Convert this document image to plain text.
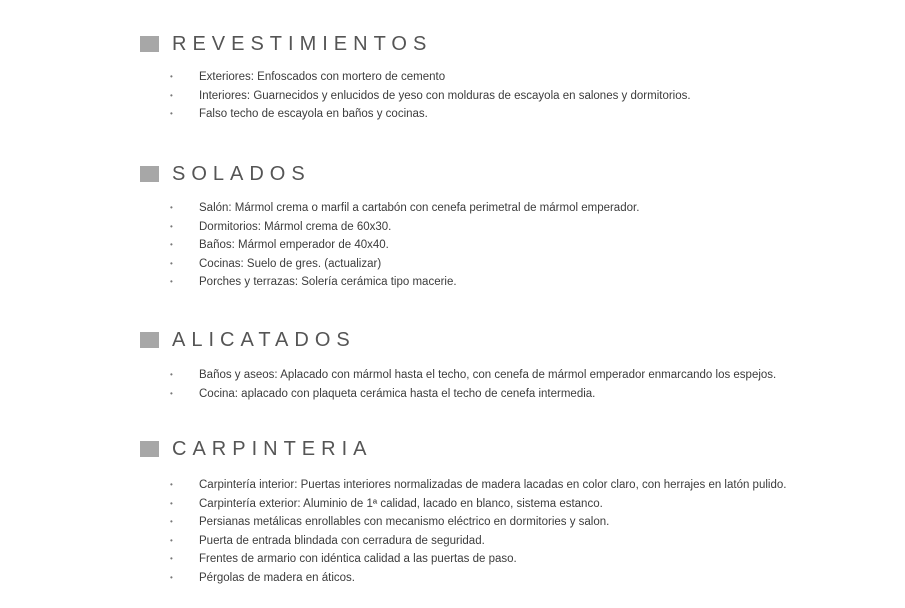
REVESTIMIENTOS
• Exteriores: Enfoscados con mortero de cemento
• Interiores: Guarnecidos y enlucidos de yeso con molduras de escayola en salones y dormitorios.
• Falso techo de escayola en baños y cocinas.
SOLADOS
• Salón: Mármol crema o marfil a cartabón con cenefa perimetral de mármol emperador.
• Dormitorios: Mármol crema de 60x30.
• Baños: Mármol emperador de 40x40.
• Cocinas: Suelo de gres. (actualizar)
• Porches y terrazas: Solería cerámica tipo macerie.
ALICATADOS
• Baños y aseos: Aplacado con mármol hasta el techo, con cenefa de mármol emperador enmarcando los espejos.
• Cocina: aplacado con plaqueta cerámica hasta el techo de cenefa intermedia.
CARPINTERIA
• Carpintería interior: Puertas interiores normalizadas de madera lacadas en color claro, con herrajes en latón pulido.
• Carpintería exterior: Aluminio de 1ª calidad, lacado en blanco, sistema estanco.
• Persianas metálicas enrollables con mecanismo eléctrico en dormitories y salon.
• Puerta de entrada blindada con cerradura de seguridad.
• Frentes de armario con idéntica calidad a las puertas de paso.
• Pérgolas de madera en áticos.
